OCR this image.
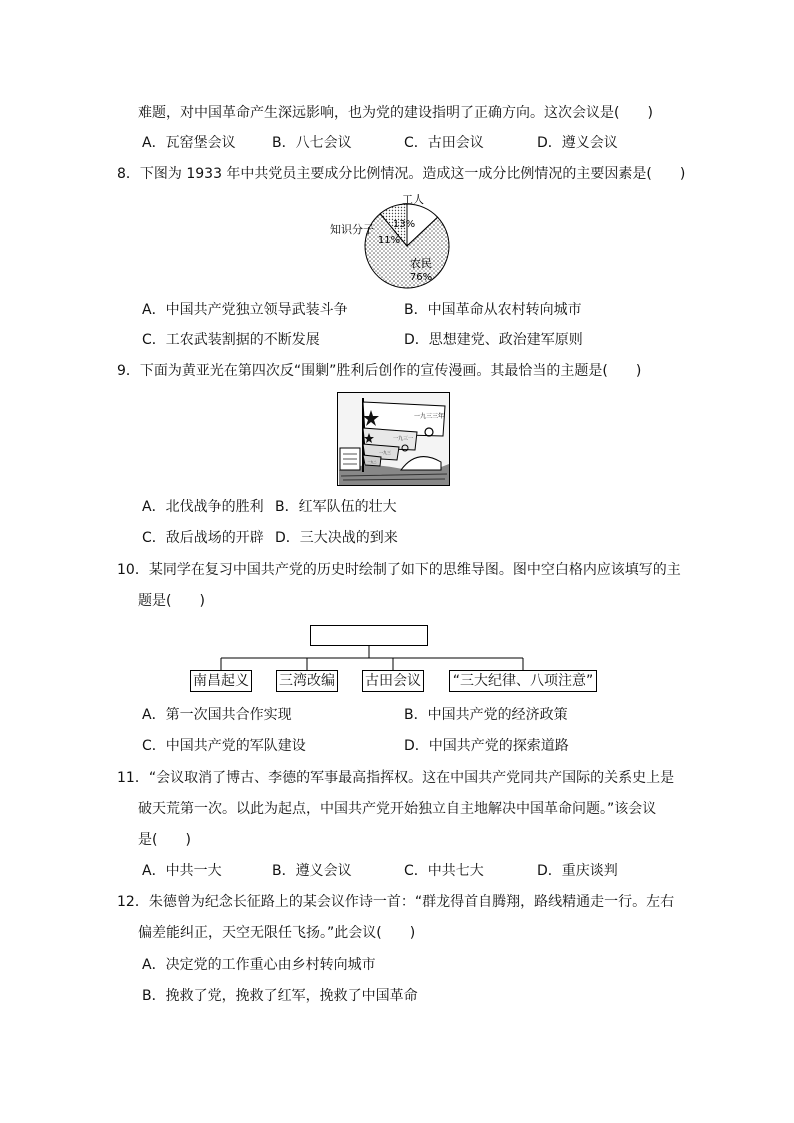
难题，对中国革命产生深远影响，也为党的建设指明了正确方向。这次会议是(　　)
A．瓦窑堡会议	B．八七会议	C．古田会议	D．遵义会议
8．下图为 1933 年中共党员主要成分比例情况。造成这一成分比例情况的主要因素是(　　)
工人
知识分子
农民
13%
11%
76%
A．中国共产党独立领导武装斗争	B．中国革命从农村转向城市
C．工农武装割据的不断发展	D．思想建党、政治建军原则
9．下面为黄亚光在第四次反“围剿”胜利后创作的宣传漫画。其最恰当的主题是(　　)
一九三三年
一九三一
一九三
一九二
A．北伐战争的胜利 B．红军队伍的壮大
C．敌后战场的开辟 D．三大决战的到来
10．某同学在复习中国共产党的历史时绘制了如下的思维导图。图中空白格内应该填写的主
题是(　　)
南昌起义 三湾改编 古田会议 “三大纪律、八项注意”
A．第一次国共合作实现	B．中国共产党的经济政策
C．中国共产党的军队建设	D．中国共产党的探索道路
11．“会议取消了博古、李德的军事最高指挥权。这在中国共产党同共产国际的关系史上是
破天荒第一次。以此为起点，中国共产党开始独立自主地解决中国革命问题。”该会议
是(　　)
A．中共一大	B．遵义会议	C．中共七大	D．重庆谈判
12．朱德曾为纪念长征路上的某会议作诗一首：“群龙得首自腾翔，路线精通走一行。左右
偏差能纠正，天空无限任飞扬。”此会议(　　)
A．决定党的工作重心由乡村转向城市
B．挽救了党，挽救了红军，挽救了中国革命
